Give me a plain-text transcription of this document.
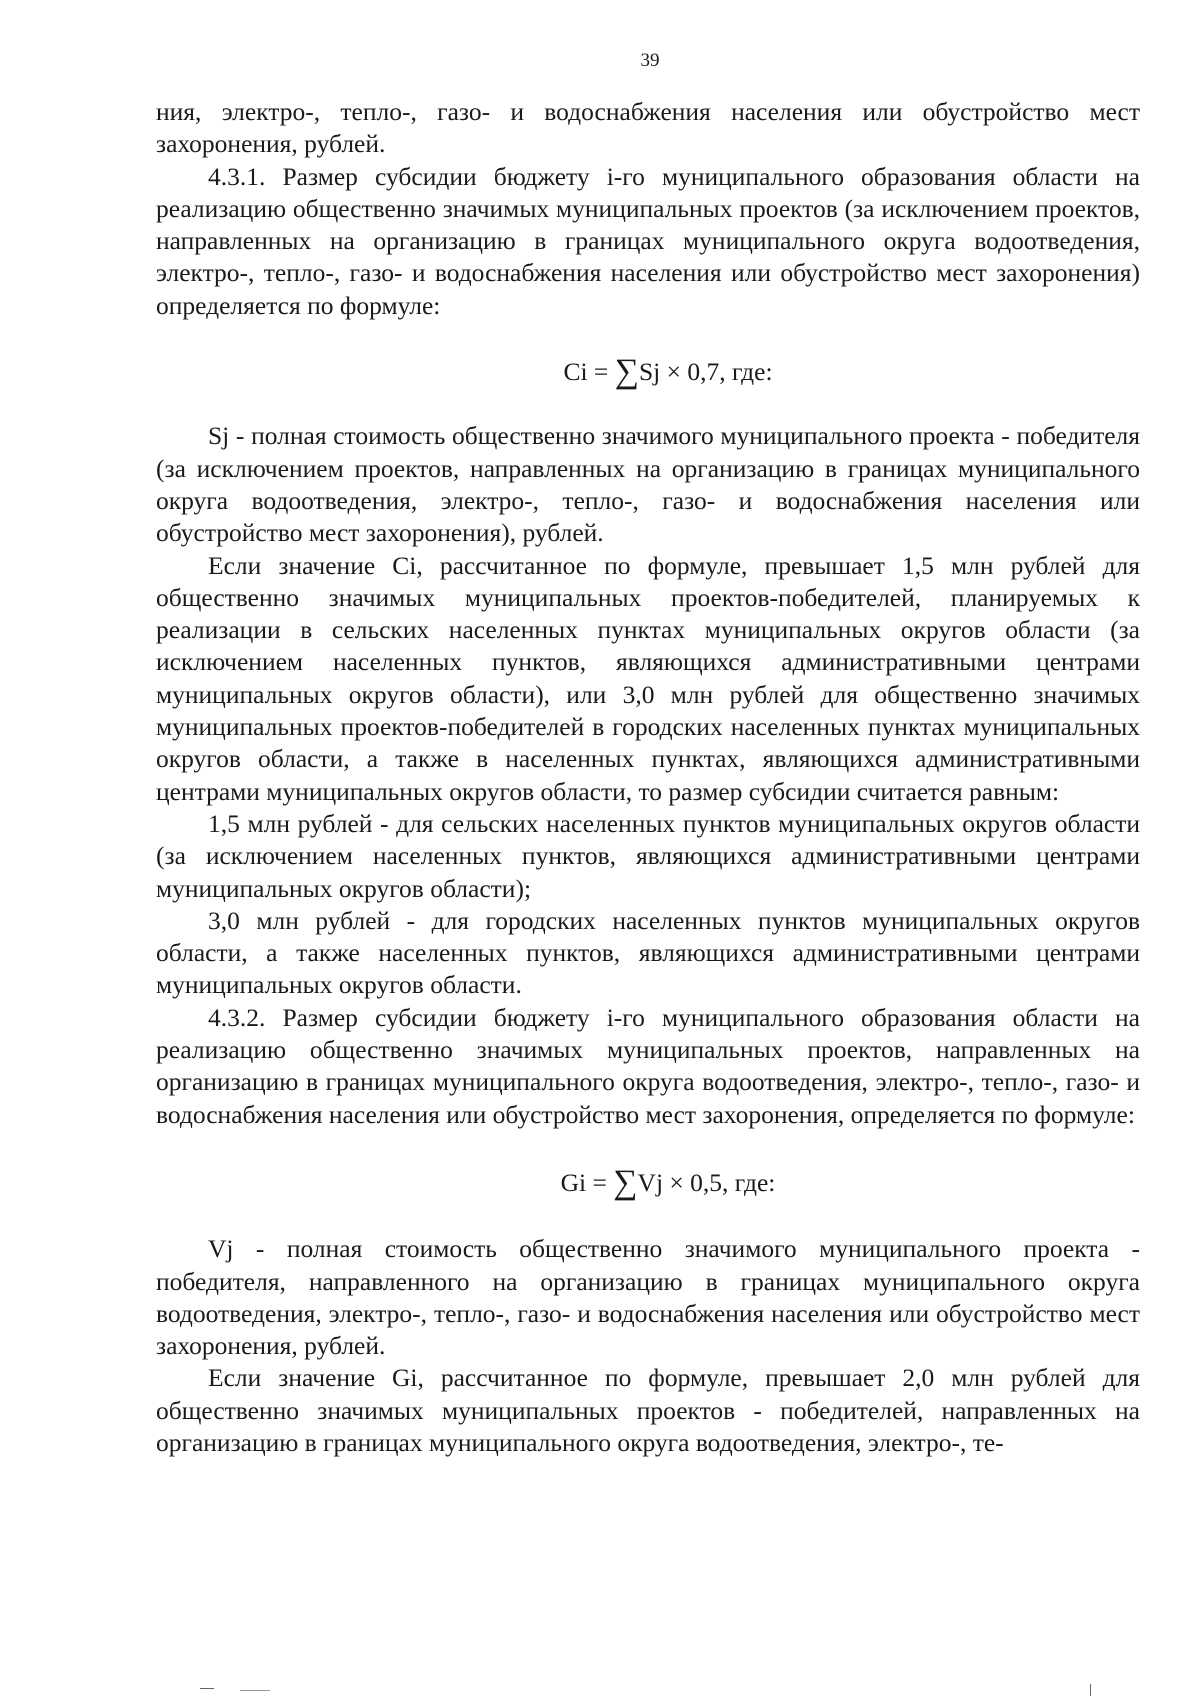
39

ния, электро-, тепло-, газо- и водоснабжения населения или обустройство мест захоронения, рублей.

4.3.1. Размер субсидии бюджету i-го муниципального образования области на реализацию общественно значимых муниципальных проектов (за исключением проектов, направленных на организацию в границах муниципального округа водоотведения, электро-, тепло-, газо- и водоснабжения населения или обустройство мест захоронения) определяется по формуле:

Ci = ∑Sj × 0,7, где:

Sj - полная стоимость общественно значимого муниципального проекта - победителя (за исключением проектов, направленных на организацию в границах муниципального округа водоотведения, электро-, тепло-, газо- и водоснабжения населения или обустройство мест захоронения), рублей.

Если значение Ci, рассчитанное по формуле, превышает 1,5 млн рублей для общественно значимых муниципальных проектов-победителей, планируемых к реализации в сельских населенных пунктах муниципальных округов области (за исключением населенных пунктов, являющихся административными центрами муниципальных округов области), или 3,0 млн рублей для общественно значимых муниципальных проектов-победителей в городских населенных пунктах муниципальных округов области, а также в населенных пунктах, являющихся административными центрами муниципальных округов области, то размер субсидии считается равным:

1,5 млн рублей - для сельских населенных пунктов муниципальных округов области (за исключением населенных пунктов, являющихся административными центрами муниципальных округов области);

3,0 млн рублей - для городских населенных пунктов муниципальных округов области, а также населенных пунктов, являющихся административными центрами муниципальных округов области.

4.3.2. Размер субсидии бюджету i-го муниципального образования области на реализацию общественно значимых муниципальных проектов, направленных на организацию в границах муниципального округа водоотведения, электро-, тепло-, газо- и водоснабжения населения или обустройство мест захоронения, определяется по формуле:

Gi = ∑Vj × 0,5, где:

Vj - полная стоимость общественно значимого муниципального проекта - победителя, направленного на организацию в границах муниципального округа водоотведения, электро-, тепло-, газо- и водоснабжения населения или обустройство мест захоронения, рублей.

Если значение Gi, рассчитанное по формуле, превышает 2,0 млн рублей для общественно значимых муниципальных проектов - победителей, направленных на организацию в границах муниципального округа водоотведения, электро-, те-
